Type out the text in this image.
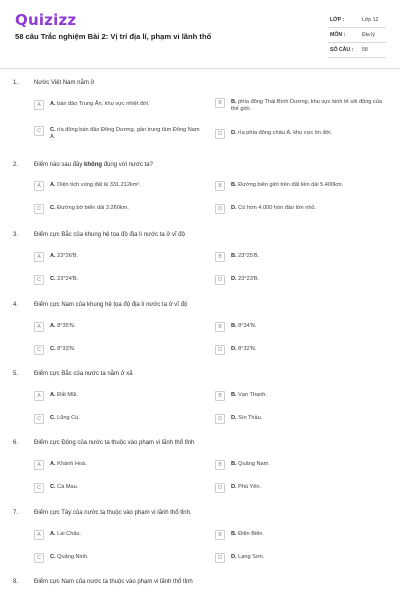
Quizizz
58 câu Trắc nghiệm Bài 2: Vị trí địa lí, phạm vi lãnh thổ
LỚP :	Lớp 12
MÔN :	Địa lý
SỐ CÂU : 58
1.	Nước Việt Nam nằm ở
A	A. bán đảo Trung Ấn, khu vực nhiệt đới.	B	B. phía đông Thái Bình Dương, khu vực kinh tế sôi động của thế giới.
C	C. rìa đông bán đảo Đông Dương, gần trung tâm Đông Nam Á.
D	D. rìa phía đông châu Á, khu vực ôn đới.
2.	Điểm nào sau đây không đúng với nước ta?
A	A. Diện tích vùng đất là 331.212km².	B	B. Đường biên giới trên đất liền dài 5.400km.
C	C. Đường bờ biển dài 3.260km.	D	D. Có hơn 4.000 hòn đảo lớn nhỏ.
3.	Điểm cực Bắc của khung hệ tọa độ địa lí nước ta ở vĩ độ
A	A. 23°26'B.	B	B. 23°25'B.
C	C. 23°24'B.	D	D. 23°23'B.
4.	Điểm cực Nam của khung hệ tọa độ địa lí nước ta ở vĩ độ
A	A. 8°35'N.	B	B. 8°34'N.
C	C. 8°33'N.	D	D. 8°32'N.
5.	Điểm cực Bắc của nước ta nằm ở xã
A	A. Đất Mũi.	B	B. Vạn Thạnh.
C	C. Lũng Cú.	D	D. Sín Thầu.
6.	Điểm cực Đông của nước ta thuộc vào phạm vi lãnh thổ tỉnh
A	A. Khánh Hoà.	B	B. Quảng Nam.
C	C. Cà Mau.	D	D. Phú Yên.
7.	Điểm cực Tây của nước ta thuộc vào phạm vi lãnh thổ tỉnh.
A	A. Lai Châu.	B	B. Điện Biên.
C	C. Quảng Ninh.	D	D. Lạng Sơn.
8.	Điểm cực Nam của nước ta thuộc vào phạm vi lãnh thổ tỉnh
